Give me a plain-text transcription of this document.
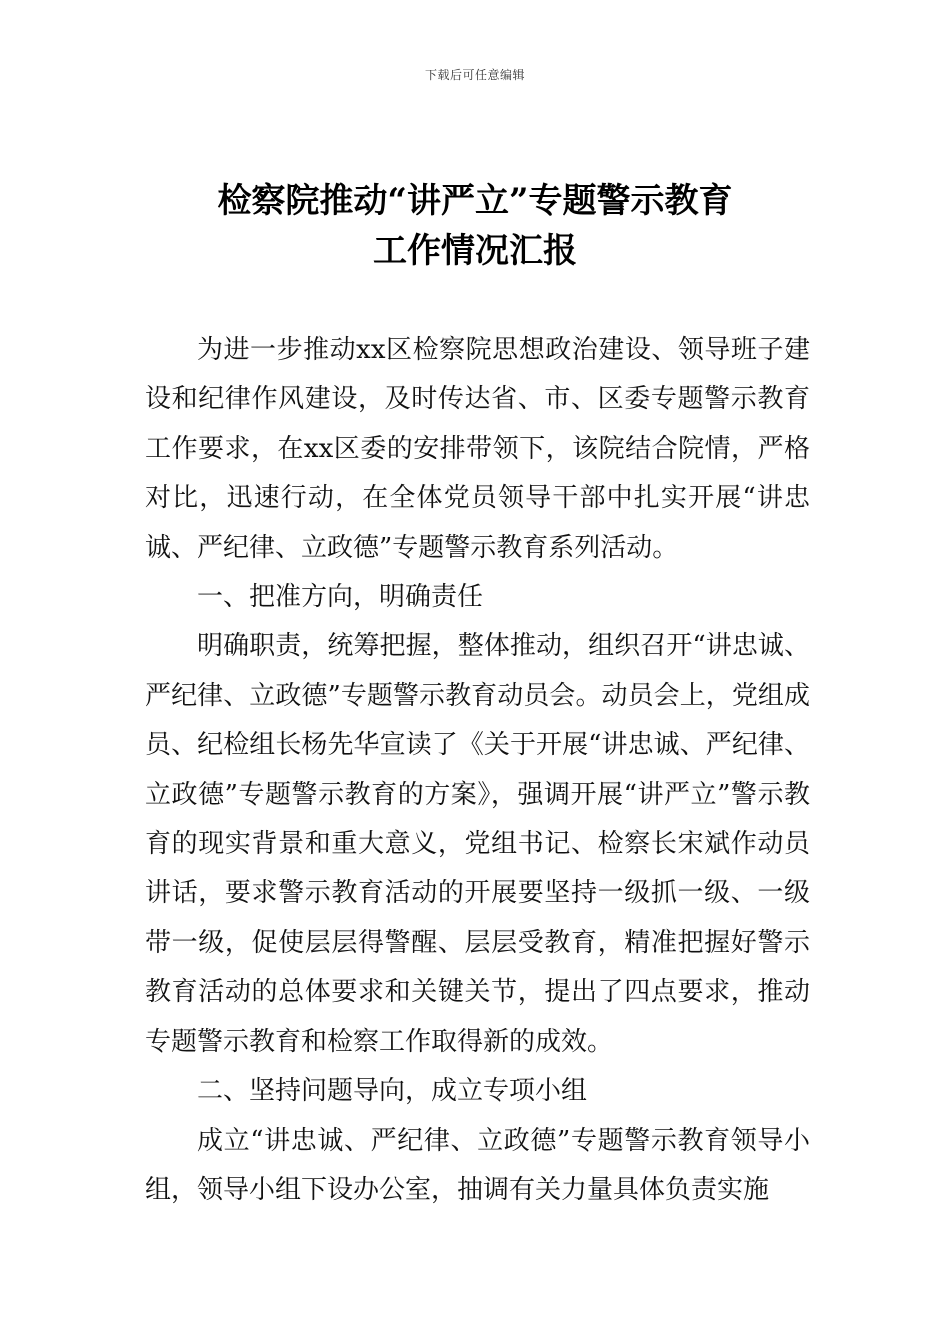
下载后可任意编辑
检察院推动“讲严立”专题警示教育
工作情况汇报

为进一步推动xx区检察院思想政治建设、领导班子建设和纪律作风建设，及时传达省、市、区委专题警示教育工作要求，在xx区委的安排带领下，该院结合院情，严格对比，迅速行动，在全体党员领导干部中扎实开展“讲忠诚、严纪律、立政德”专题警示教育系列活动。

一、把准方向，明确责任

明确职责，统筹把握，整体推动，组织召开“讲忠诚、严纪律、立政德”专题警示教育动员会。动员会上，党组成员、纪检组长杨先华宣读了《关于开展“讲忠诚、严纪律、立政德”专题警示教育的方案》，强调开展“讲严立”警示教育的现实背景和重大意义，党组书记、检察长宋斌作动员讲话，要求警示教育活动的开展要坚持一级抓一级、一级带一级，促使层层得警醒、层层受教育，精准把握好警示教育活动的总体要求和关键关节，提出了四点要求，推动专题警示教育和检察工作取得新的成效。

二、坚持问题导向，成立专项小组

成立“讲忠诚、严纪律、立政德”专题警示教育领导小组，领导小组下设办公室，抽调有关力量具体负责实施
